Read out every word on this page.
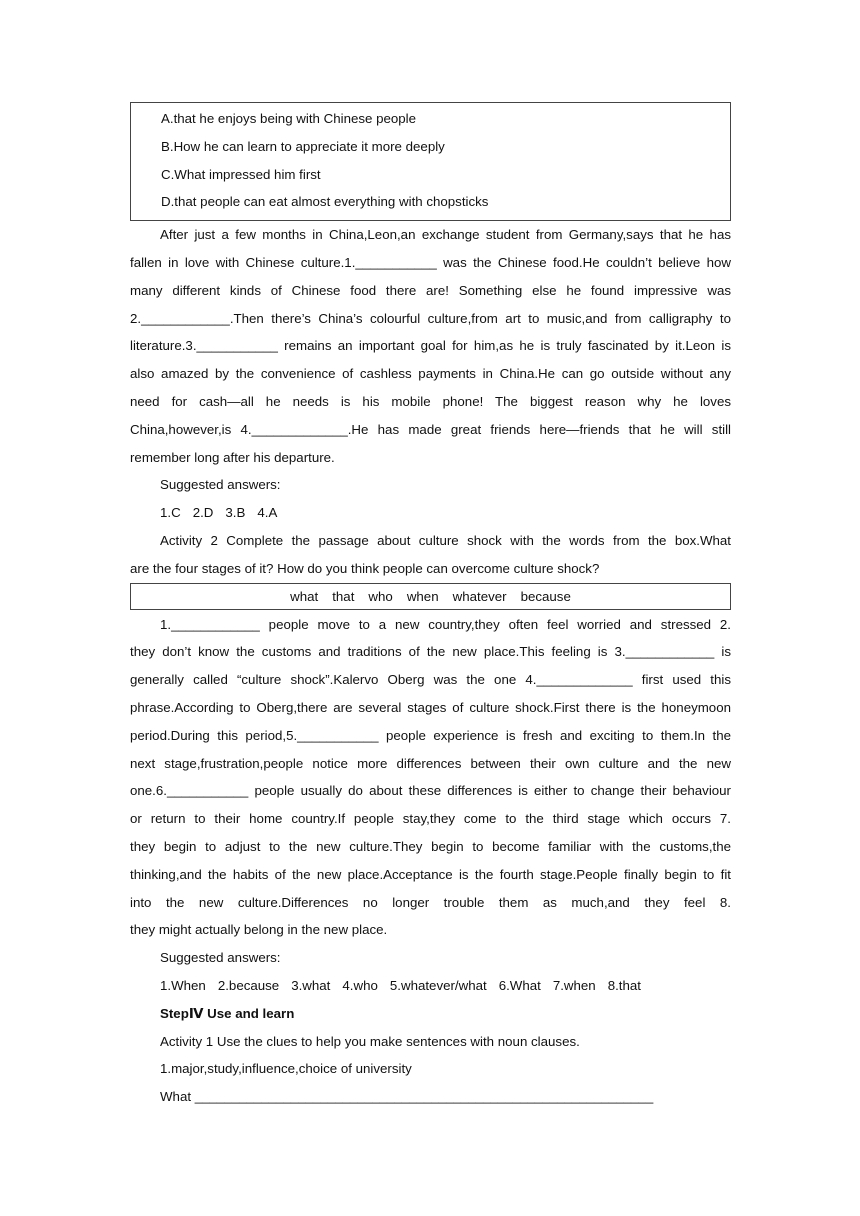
A.that he enjoys being with Chinese people
B.How he can learn to appreciate it more deeply
C.What impressed him first
D.that people can eat almost everything with chopsticks
After just a few months in China,Leon,an exchange student from Germany,says that he has
fallen in love with Chinese culture.1.___________ was the Chinese food.He couldn’t believe how
many different kinds of Chinese food there are! Something else he found impressive was
2.____________.Then there’s China’s colourful culture,from art to music,and from calligraphy to
literature.3.___________ remains an important goal for him,as he is truly fascinated by it.Leon is
also amazed by the convenience of cashless payments in China.He can go outside without any
need for cash—all he needs is his mobile phone! The biggest reason why he loves
China,however,is 4._____________.He has made great friends here—friends that he will still
remember long after his departure.
Suggested answers:
1.C 2.D 3.B 4.A
Activity 2 Complete the passage about culture shock with the words from the box.What
are the four stages of it? How do you think people can overcome culture shock?
what that who when whatever because
1.____________ people move to a new country,they often feel worried and stressed 2.
they don’t know the customs and traditions of the new place.This feeling is 3.____________ is
generally called “culture shock”.Kalervo Oberg was the one 4._____________ first used this
phrase.According to Oberg,there are several stages of culture shock.First there is the honeymoon
period.During this period,5.___________ people experience is fresh and exciting to them.In the
next stage,frustration,people notice more differences between their own culture and the new
one.6.___________ people usually do about these differences is either to change their behaviour
or return to their home country.If people stay,they come to the third stage which occurs 7.
they begin to adjust to the new culture.They begin to become familiar with the customs,the
thinking,and the habits of the new place.Acceptance is the fourth stage.People finally begin to fit
into the new culture.Differences no longer trouble them as much,and they feel 8.
they might actually belong in the new place.
Suggested answers:
1.When 2.because 3.what 4.who 5.whatever/what 6.What 7.when 8.that
StepⅣ Use and learn
Activity 1 Use the clues to help you make sentences with noun clauses.
1.major,study,influence,choice of university
What ______________________________________________________________
